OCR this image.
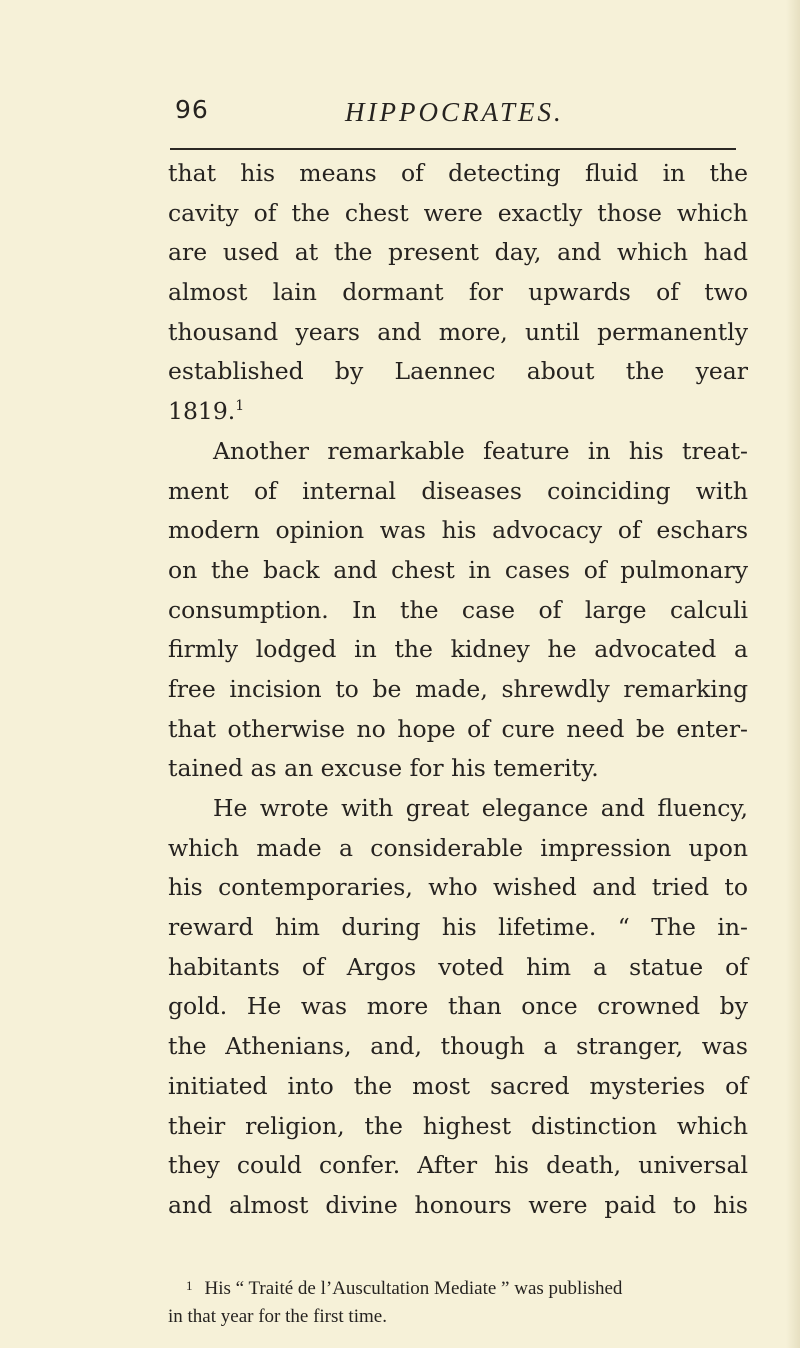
96	HIPPOCRATES.
that his means of detecting fluid in the
cavity of the chest were exactly those which
are used at the present day, and which had
almost lain dormant for upwards of two
thousand years and more, until permanently
established by Laennec about the year
1819.$^1$
Another remarkable feature in his treat-
ment of internal diseases coinciding with
modern opinion was his advocacy of eschars
on the back and chest in cases of pulmonary
consumption. In the case of large calculi
firmly lodged in the kidney he advocated a
free incision to be made, shrewdly remarking
that otherwise no hope of cure need be enter-
tained as an excuse for his temerity.
He wrote with great elegance and fluency,
which made a considerable impression upon
his contemporaries, who wished and tried to
reward him during his lifetime. “ The in-
habitants of Argos voted him a statue of
gold. He was more than once crowned by
the Athenians, and, though a stranger, was
initiated into the most sacred mysteries of
their religion, the highest distinction which
they could confer. After his death, universal
and almost divine honours were paid to his
$^1$ His “ Traité de l’Auscultation Mediate ” was published
in that year for the first time.
